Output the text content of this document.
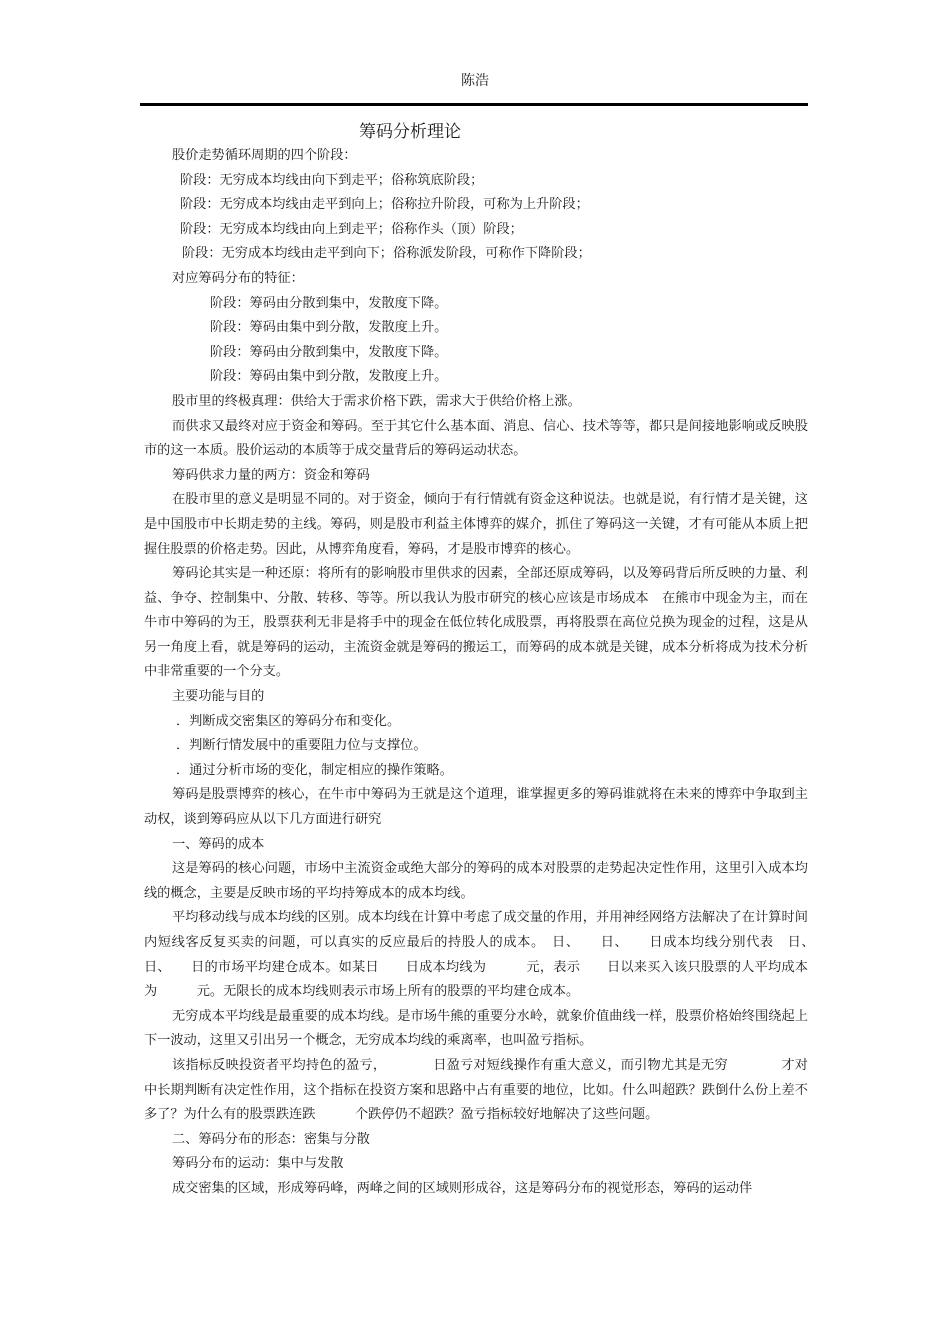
陈浩
筹码分析理论

股价走势循环周期的四个阶段：

阶段：无穷成本均线由向下到走平；俗称筑底阶段；

阶段：无穷成本均线由走平到向上；俗称拉升阶段，可称为上升阶段；

阶段：无穷成本均线由向上到走平；俗称作头（顶）阶段；

阶段：无穷成本均线由走平到向下；俗称派发阶段，可称作下降阶段；

对应筹码分布的特征：

阶段：筹码由分散到集中，发散度下降。

阶段：筹码由集中到分散，发散度上升。

阶段：筹码由分散到集中，发散度下降。

阶段：筹码由集中到分散，发散度上升。

股市里的终极真理：供给大于需求价格下跌，需求大于供给价格上涨。

而供求又最终对应于资金和筹码。至于其它什么基本面、消息、信心、技术等等，都只是间接地影响或反映股市的这一本质。股价运动的本质等于成交量背后的筹码运动状态。

筹码供求力量的两方：资金和筹码

在股市里的意义是明显不同的。对于资金，倾向于有行情就有资金这种说法。也就是说，有行情才是关键，这是中国股市中长期走势的主线。筹码，则是股市利益主体博弈的媒介，抓住了筹码这一关键，才有可能从本质上把握住股票的价格走势。因此，从博弈角度看，筹码，才是股市博弈的核心。

筹码论其实是一种还原：将所有的影响股市里供求的因素，全部还原成筹码，以及筹码背后所反映的力量、利益、争夺、控制集中、分散、转移、等等。所以我认为股市研究的核心应该是市场成本　在熊市中现金为主，而在牛市中筹码的为王，股票获利无非是将手中的现金在低位转化成股票，再将股票在高位兑换为现金的过程，这是从另一角度上看，就是筹码的运动，主流资金就是筹码的搬运工，而筹码的成本就是关键，成本分析将成为技术分析中非常重要的一个分支。

主要功能与目的

．判断成交密集区的筹码分布和变化。

．判断行情发展中的重要阻力位与支撑位。

．通过分析市场的变化，制定相应的操作策略。

筹码是股票博弈的核心，在牛市中筹码为王就是这个道理，谁掌握更多的筹码谁就将在未来的博弈中争取到主动权，谈到筹码应从以下几方面进行研究

一、筹码的成本

这是筹码的核心问题，市场中主流资金或绝大部分的筹码的成本对股票的走势起决定性作用，这里引入成本均线的概念，主要是反映市场的平均持筹成本的成本均线。

平均移动线与成本均线的区别。成本均线在计算中考虑了成交量的作用，并用神经网络方法解决了在计算时间内短线客反复买卖的问题，可以真实的反应最后的持股人的成本。　日、　　日、　　日成本均线分别代表　日、　　日、　　日的市场平均建仓成本。如某日　　日成本均线为　　　元，表示　　日以来买入该只股票的人平均成本为　　　元。无限长的成本均线则表示市场上所有的股票的平均建仓成本。

无穷成本平均线是最重要的成本均线。是市场牛熊的重要分水岭，就象价值曲线一样，股票价格始终围绕起上下一波动，这里又引出另一个概念，无穷成本均线的乘离率，也叫盈亏指标。

该指标反映投资者平均持色的盈亏，　　　　日盈亏对短线操作有重大意义，而引物尤其是无穷　　　　才对中长期判断有决定性作用，这个指标在投资方案和思路中占有重要的地位，比如。什么叫超跌？跌倒什么份上差不多了？为什么有的股票跌连跌　　　个跌停仍不超跌？盈亏指标较好地解决了这些问题。

二、筹码分布的形态：密集与分散

筹码分布的运动：集中与发散

成交密集的区域，形成筹码峰，两峰之间的区域则形成谷，这是筹码分布的视觉形态，筹码的运动伴
